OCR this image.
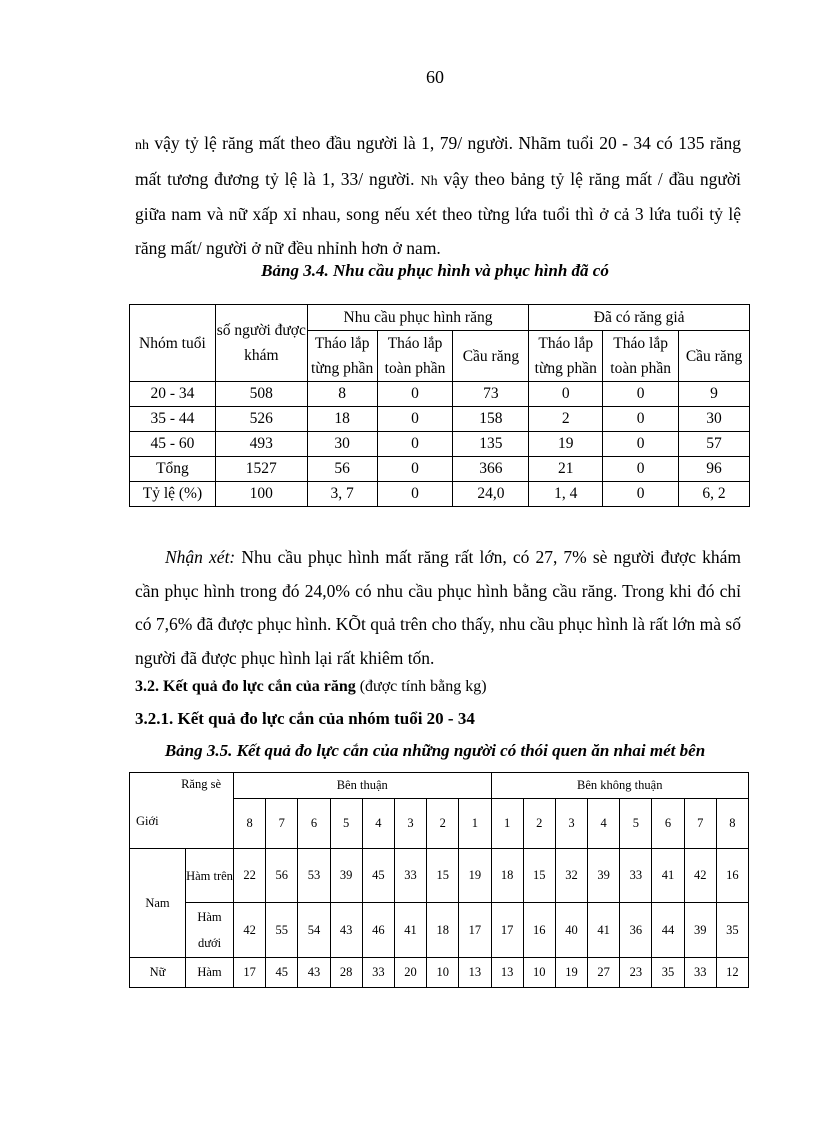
60

nh vậy tỷ lệ răng mất theo đầu người là 1, 79/ người. Nhãm tuổi 20 - 34 có 135 răng mất tương đương tỷ lệ là 1, 33/ người. Nh vậy theo bảng tỷ lệ răng mất / đầu người giữa nam và nữ xấp xỉ nhau, song nếu xét theo từng lứa tuổi thì ở cả 3 lứa tuổi tỷ lệ răng mất/ người ở nữ đều nhỉnh hơn ở nam.

Bảng 3.4. Nhu cầu phục hình và phục hình đã có

Nhóm tuổi	số người được khám	Nhu cầu phục hình răng			Đã có răng giả		
		Tháo lắp từng phần	Tháo lắp toàn phần	Cầu răng	Tháo lắp từng phần	Tháo lắp toàn phần	Cầu răng
20 - 34	508	8	0	73	0	0	9
35 - 44	526	18	0	158	2	0	30
45 - 60	493	30	0	135	19	0	57
Tổng	1527	56	0	366	21	0	96
Tỷ lệ (%)	100	3, 7	0	24,0	1, 4	0	6, 2

Nhận xét: Nhu cầu phục hình mất răng rất lớn, có 27, 7% sè người được khám cần phục hình trong đó 24,0% có nhu cầu phục hình bằng cầu răng. Trong khi đó chỉ có 7,6% đã được phục hình. KÕt quả trên cho thấy, nhu cầu phục hình là rất lớn mà số người đã được phục hình lại rất khiêm tốn.

3.2. Kết quả đo lực cắn của răng (được tính bằng kg)

3.2.1. Kết quả đo lực cắn của nhóm tuổi 20 - 34

Bảng 3.5. Kết quả đo lực cắn của những người có thói quen ăn nhai mét bên

Răng sè
Giới		Bên thuận								Bên không thuận							
		8	7	6	5	4	3	2	1	1	2	3	4	5	6	7	8
Nam	Hàm trên	22	56	53	39	45	33	15	19	18	15	32	39	33	41	42	16
	Hàm dưới	42	55	54	43	46	41	18	17	17	16	40	41	36	44	39	35
Nữ	Hàm	17	45	43	28	33	20	10	13	13	10	19	27	23	35	33	12
